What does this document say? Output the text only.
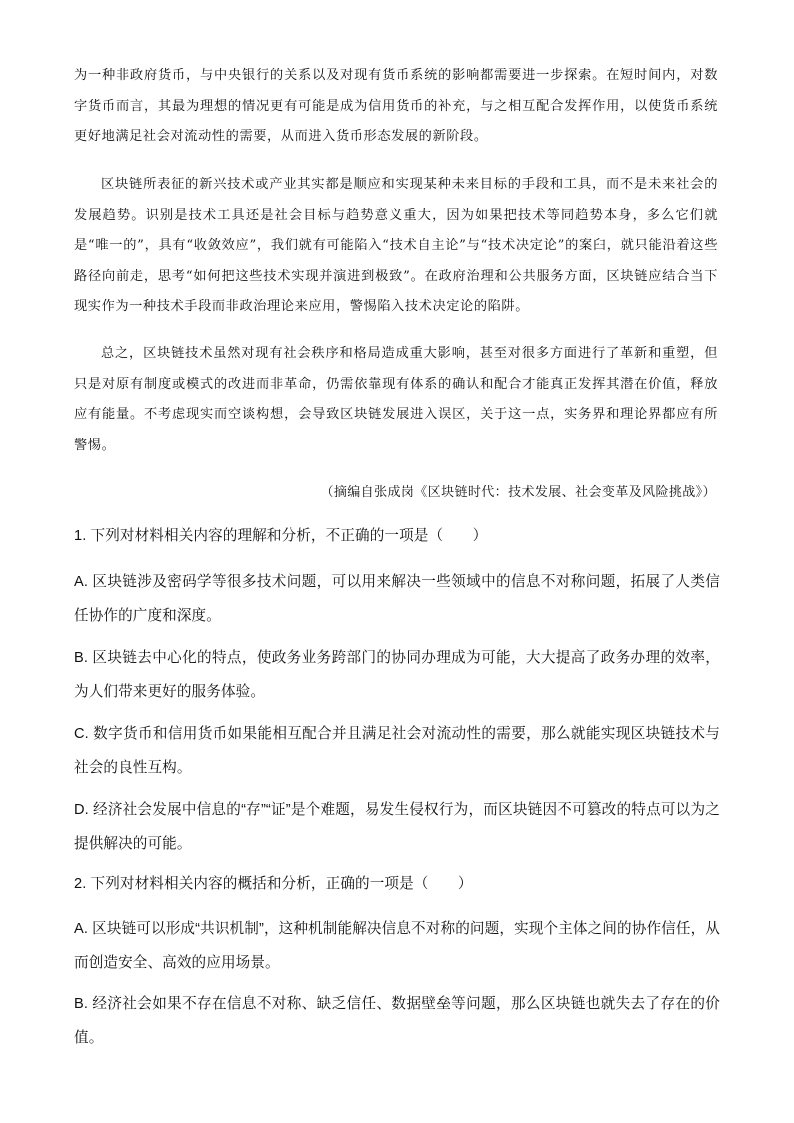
为一种非政府货币，与中央银行的关系以及对现有货币系统的影响都需要进一步探索。在短时间内，对数字货币而言，其最为理想的情况更有可能是成为信用货币的补充，与之相互配合发挥作用，以使货币系统更好地满足社会对流动性的需要，从而进入货币形态发展的新阶段。

区块链所表征的新兴技术或产业其实都是顺应和实现某种未来目标的手段和工具，而不是未来社会的发展趋势。识别是技术工具还是社会目标与趋势意义重大，因为如果把技术等同趋势本身，多么它们就是“唯一的”，具有“收敛效应”，我们就有可能陷入“技术自主论”与“技术决定论”的案臼，就只能沿着这些路径向前走，思考“如何把这些技术实现并演进到极致”。在政府治理和公共服务方面，区块链应结合当下现实作为一种技术手段而非政治理论来应用，警惕陷入技术决定论的陷阱。

总之，区块链技术虽然对现有社会秩序和格局造成重大影响，甚至对很多方面进行了革新和重塑，但只是对原有制度或模式的改进而非革命，仍需依靠现有体系的确认和配合才能真正发挥其潜在价值，释放应有能量。不考虑现实而空谈构想，会导致区块链发展进入误区，关于这一点，实务界和理论界都应有所警惕。

（摘编自张成岗《区块链时代：技术发展、社会变革及风险挑战》）

1. 下列对材料相关内容的理解和分析，不正确的一项是（　　）

A. 区块链涉及密码学等很多技术问题，可以用来解决一些领域中的信息不对称问题，拓展了人类信任协作的广度和深度。

B. 区块链去中心化的特点，使政务业务跨部门的协同办理成为可能，大大提高了政务办理的效率，为人们带来更好的服务体验。

C. 数字货币和信用货币如果能相互配合并且满足社会对流动性的需要，那么就能实现区块链技术与社会的良性互构。

D. 经济社会发展中信息的“存”“证”是个难题，易发生侵权行为，而区块链因不可篡改的特点可以为之提供解决的可能。

2. 下列对材料相关内容的概括和分析，正确的一项是（　　）

A. 区块链可以形成“共识机制”，这种机制能解决信息不对称的问题，实现个主体之间的协作信任，从而创造安全、高效的应用场景。

B. 经济社会如果不存在信息不对称、缺乏信任、数据壁垒等问题，那么区块链也就失去了存在的价值。
